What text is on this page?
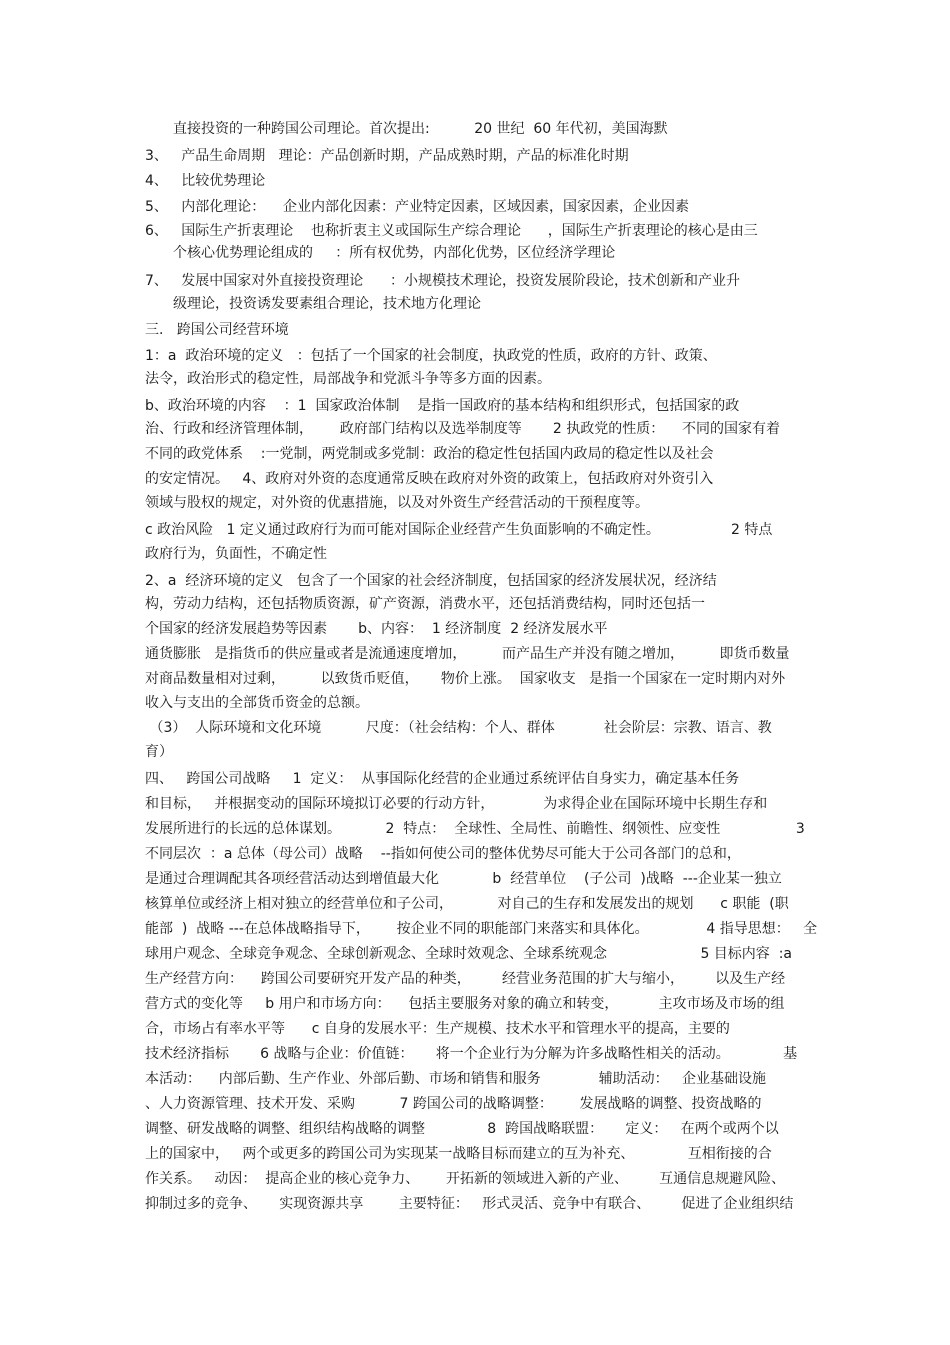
直接投资的一种跨国公司理论。首次提出:          20 世纪  60 年代初，美国海默
3、   产品生命周期   理论：产品创新时期，产品成熟时期，产品的标准化时期
4、   比较优势理论
5、   内部化理论：    企业内部化因素：产业特定因素，区域因素，国家因素，企业因素
6、   国际生产折衷理论    也称折衷主义或国际生产综合理论      ，国际生产折衷理论的核心是由三
个核心优势理论组成的     ：所有权优势，内部化优势，区位经济学理论
7、   发展中国家对外直接投资理论      ：小规模技术理论，投资发展阶段论，技术创新和产业升
级理论，投资诱发要素组合理论，技术地方化理论
三.   跨国公司经营环境
1：a  政治环境的定义   ：包括了一个国家的社会制度，执政党的性质，政府的方针、政策、
法令，政治形式的稳定性，局部战争和党派斗争等多方面的因素。
b、政治环境的内容    ：1  国家政治体制    是指一国政府的基本结构和组织形式，包括国家的政
治、行政和经济管理体制，      政府部门结构以及选举制度等       2 执政党的性质：    不同的国家有着
不同的政党体系    :一党制，两党制或多党制：政治的稳定性包括国内政局的稳定性以及社会
的安定情况。   4、政府对外资的态度通常反映在政府对外资的政策上，包括政府对外资引入
领域与股权的规定，对外资的优惠措施，以及对外资生产经营活动的干预程度等。
c 政治风险   1 定义通过政府行为而可能对国际企业经营产生负面影响的不确定性。                2 特点
政府行为，负面性，不确定性
2、a  经济环境的定义   包含了一个国家的社会经济制度，包括国家的经济发展状况，经济结
构，劳动力结构，还包括物质资源，矿产资源，消费水平，还包括消费结构，同时还包括一
个国家的经济发展趋势等因素       b、内容：  1 经济制度  2 经济发展水平
通货膨胀   是指货币的供应量或者是流通速度增加，        而产品生产并没有随之增加，        即货币数量
对商品数量相对过剩，        以致货币贬值，     物价上涨。  国家收支   是指一个国家在一定时期内对外
收入与支出的全部货币资金的总额。
（3）  人际环境和文化环境          尺度：（社会结构：个人、群体           社会阶层：宗教、语言、教
育）
四、   跨国公司战略     1  定义：  从事国际化经营的企业通过系统评估自身实力，确定基本任务
和目标，   并根据变动的国际环境拟订必要的行动方针，           为求得企业在国际环境中长期生存和
发展所进行的长远的总体谋划。          2  特点：  全球性、全局性、前瞻性、纲领性、应变性                 3
不同层次  ：a 总体（母公司）战略    --指如何使公司的整体优势尽可能大于公司各部门的总和，
是通过合理调配其各项经营活动达到增值最大化            b  经营单位    (子公司  )战略  ---企业某一独立
核算单位或经济上相对独立的经营单位和子公司，          对自己的生存和发展发出的规划      c 职能  (职
能部  )  战略 ---在总体战略指导下，      按企业不同的职能部门来落实和具体化。             4 指导思想：   全
球用户观念、全球竞争观念、全球创新观念、全球时效观念、全球系统观念                     5 目标内容  :a
生产经营方向：    跨国公司要研究开发产品的种类，       经营业务范围的扩大与缩小，       以及生产经
营方式的变化等     b 用户和市场方向：    包括主要服务对象的确立和转变，         主攻市场及市场的组
合，市场占有率水平等      c 自身的发展水平：生产规模、技术水平和管理水平的提高，主要的
技术经济指标       6 战略与企业：价值链：     将一个企业行为分解为许多战略性相关的活动。            基
本活动：    内部后勤、生产作业、外部后勤、市场和销售和服务             辅助活动：   企业基础设施
、人力资源管理、技术开发、采购          7 跨国公司的战略调整：      发展战略的调整、投资战略的
调整、研发战略的调整、组织结构战略的调整              8  跨国战略联盟：     定义：   在两个或两个以
上的国家中，   两个或更多的跨国公司为实现某一战略目标而建立的互为补充、            互相衔接的合
作关系。   动因：  提高企业的核心竞争力、      开拓新的领域进入新的产业、       互通信息规避风险、
抑制过多的竞争、     实现资源共享        主要特征：   形式灵活、竞争中有联合、       促进了企业组织结
